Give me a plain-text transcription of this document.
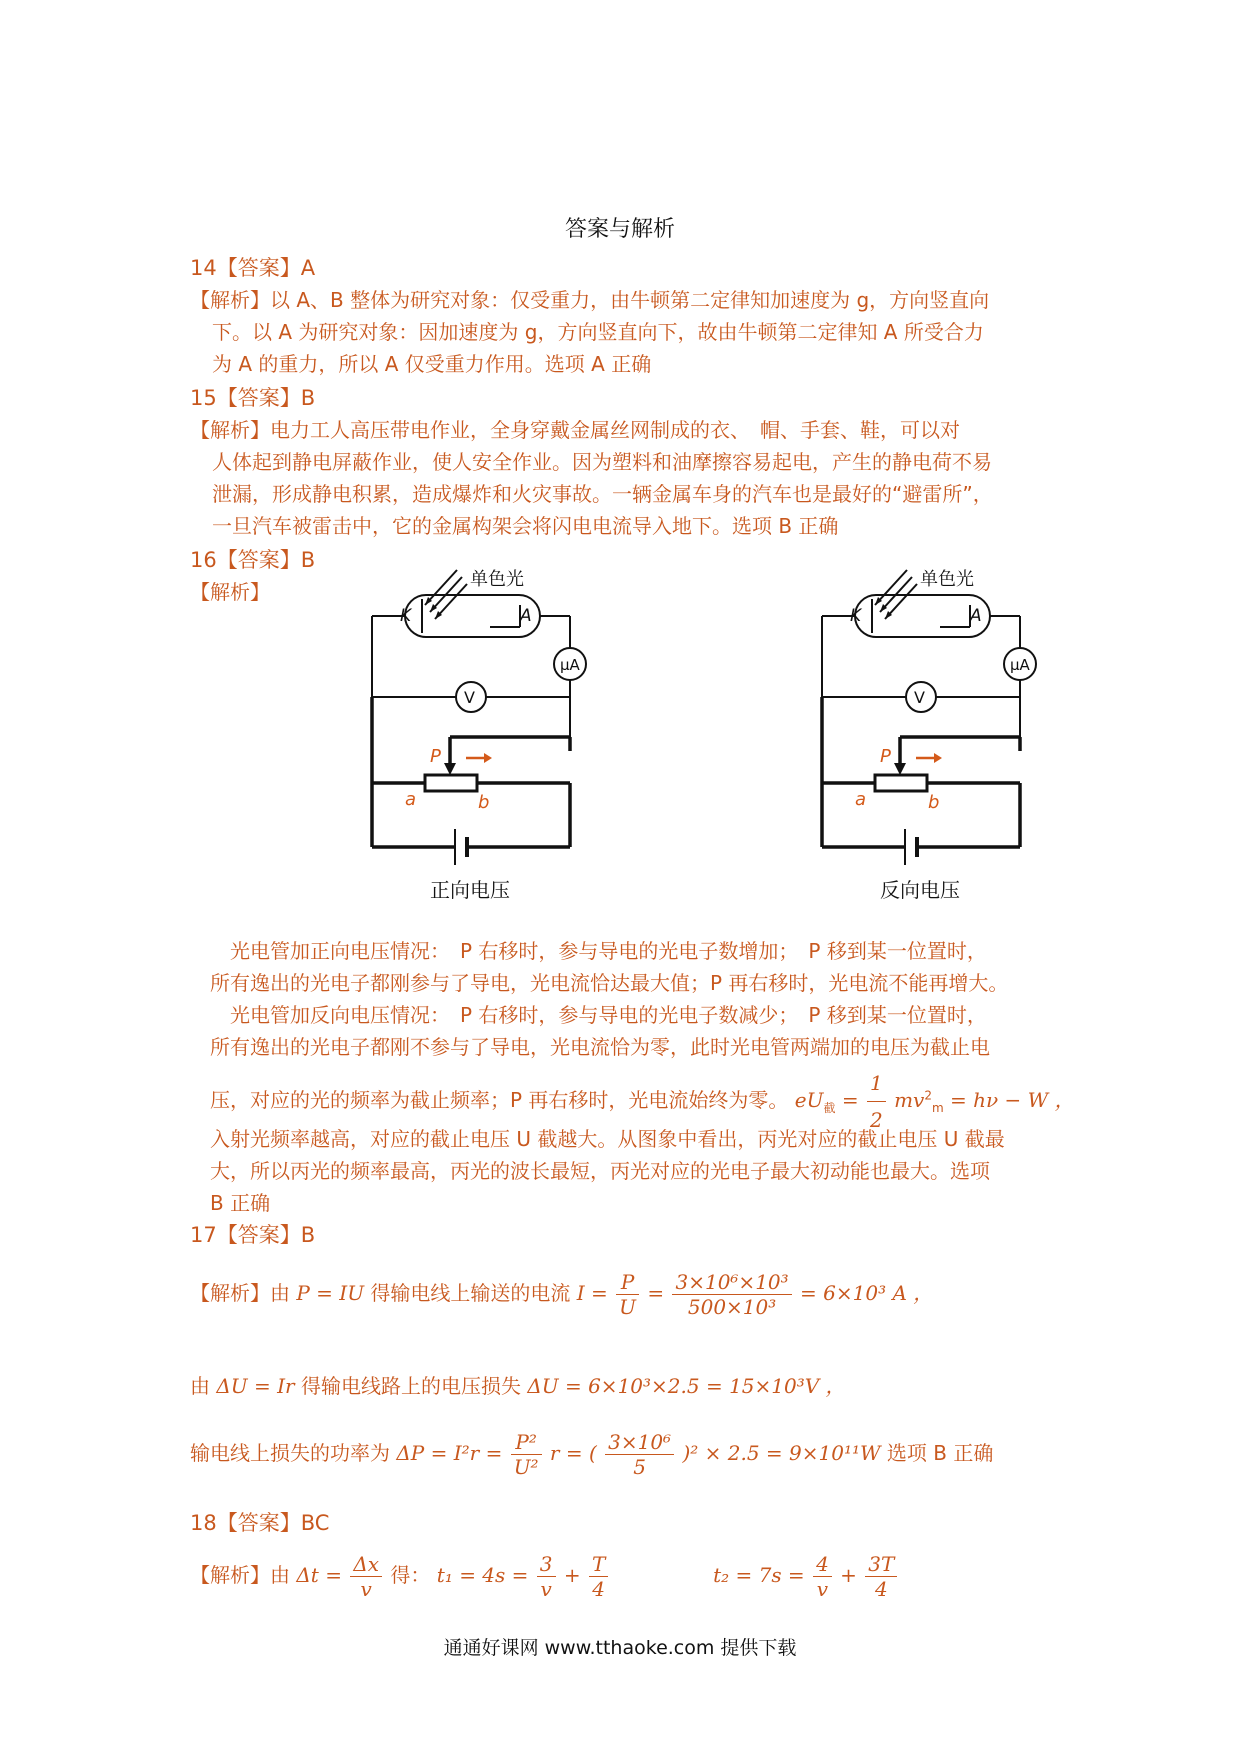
答案与解析
14【答案】A
【解析】以 A、B 整体为研究对象：仅受重力，由牛顿第二定律知加速度为 g，方向竖直向
下。以 A 为研究对象：因加速度为 g，方向竖直向下，故由牛顿第二定律知 A 所受合力
为 A 的重力，所以 A 仅受重力作用。选项 A 正确
15【答案】B
【解析】电力工人高压带电作业，全身穿戴金属丝网制成的衣、　帽、手套、鞋，可以对
人体起到静电屏蔽作业，使人安全作业。因为塑料和油摩擦容易起电，产生的静电荷不易
泄漏，形成静电积累，造成爆炸和火灾事故。一辆金属车身的汽车也是最好的“避雷所”，
一旦汽车被雷击中，它的金属构架会将闪电电流导入地下。选项 B 正确
16【答案】B
【解析】
单色光
K	A
μA
V
P
a	b
正向电压
单色光
K	A
μA
V
P
a	b
反向电压
光电管加正向电压情况：　P 右移时，参与导电的光电子数增加；　P 移到某一位置时，
所有逸出的光电子都刚参与了导电，光电流恰达最大值；P 再右移时，光电流不能再增大。
光电管加反向电压情况：　P 右移时，参与导电的光电子数减少；　P 移到某一位置时，
所有逸出的光电子都刚不参与了导电，光电流恰为零，此时光电管两端加的电压为截止电
压，对应的光的频率为截止频率；P 再右移时，光电流始终为零。 $eU_截 = \frac{1}{2} mv^2_m = h\nu - W$ ，
入射光频率越高，对应的截止电压 U 截越大。从图象中看出，丙光对应的截止电压 U 截最
大，所以丙光的频率最高，丙光的波长最短，丙光对应的光电子最大初动能也最大。选项
B 正确
17【答案】B
【解析】由 P = IU 得输电线上输送的电流 $I = \frac{P}{U} = \frac{\text{3×10⁶×10³}}{\text{500×10³}} = 6\times 10^3$ A ，
由 ΔU = Ir 得输电线路上的电压损失 ΔU = 6×10³×2.5 = 15×10³V ，
输电线上损失的功率为 $\Delta P = I^2r = \frac{\text{P²}}{\text{U²}}$ r = ( $\frac{\text{3×10⁶}}{5} )^2 \times 2.5 = 9\times 10^{11}W$ 选项 B 正确
18【答案】BC
【解析】由 $\Delta t = \frac{\Delta x}{v}$ 得： $t_1 = 4s = \frac{3}{v} + \frac{T}{4}$	$t_2 = 7s = \frac{4}{v} + \frac{3T}{4}$
通通好课网 www.tthaoke.com 提供下载
